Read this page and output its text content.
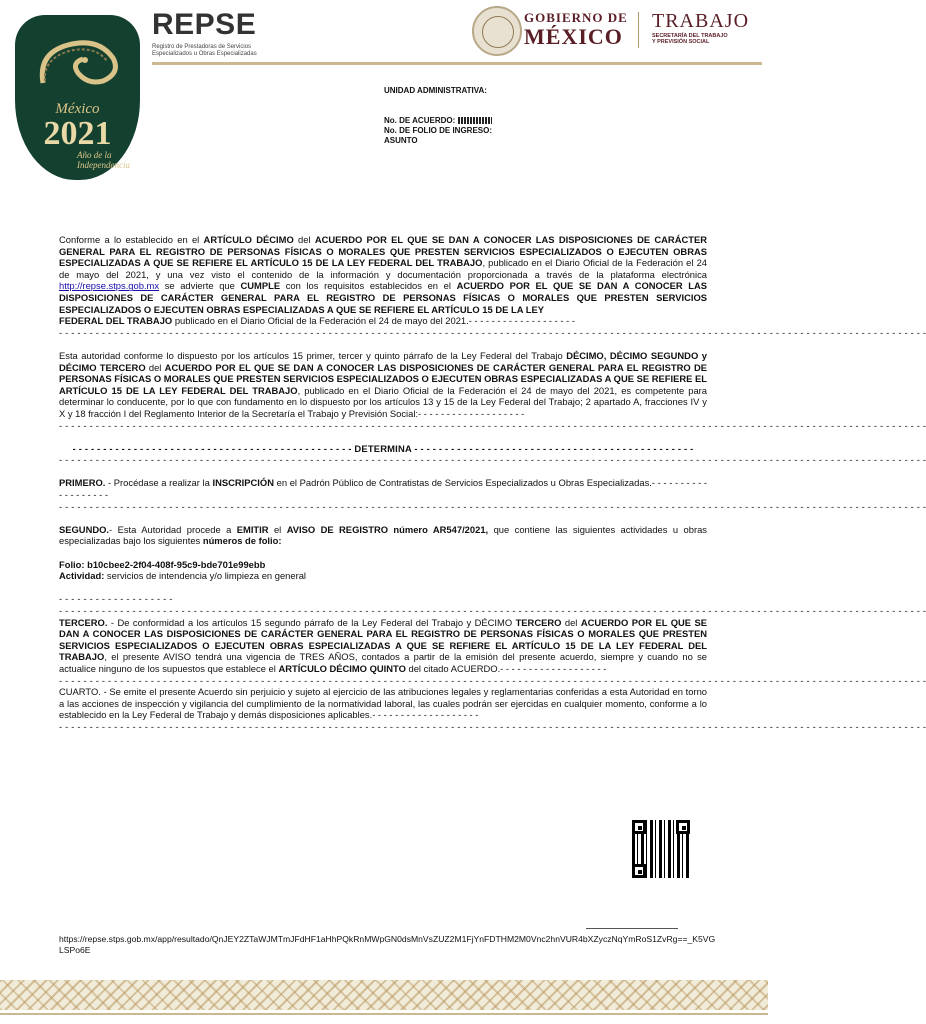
México
2021
Año de la
Independencia
REPSE
Registro de Prestadoras de Servicios
Especializados u Obras Especializadas
GOBIERNO DE
MÉXICO
TRABAJO
SECRETARÍA DEL TRABAJO
Y PREVISIÓN SOCIAL
UNIDAD ADMINISTRATIVA:
No. DE ACUERDO:
No. DE FOLIO DE INGRESO:
ASUNTO

Conforme a lo establecido en el ARTÍCULO DÉCIMO del ACUERDO POR EL QUE SE DAN A CONOCER LAS DISPOSICIONES DE CARÁCTER GENERAL PARA EL REGISTRO DE PERSONAS FÍSICAS O MORALES QUE PRESTEN SERVICIOS ESPECIALIZADOS O EJECUTEN OBRAS ESPECIALIZADAS A QUE SE REFIERE EL ARTÍCULO 15 DE LA LEY FEDERAL DEL TRABAJO, publicado en el Diario Oficial de la Federación el 24 de mayo del 2021, y una vez visto el contenido de la información y documentación proporcionada a través de la plataforma electrónica http://repse.stps.gob.mx se advierte que CUMPLE con los requisitos establecidos en el ACUERDO POR EL QUE SE DAN A CONOCER LAS DISPOSICIONES DE CARÁCTER GENERAL PARA EL REGISTRO DE PERSONAS FÍSICAS O MORALES QUE PRESTEN SERVICIOS ESPECIALIZADOS O EJECUTEN OBRAS ESPECIALIZADAS A QUE SE REFIERE EL ARTÍCULO 15 DE LA LEY

FEDERAL DEL TRABAJO publicado en el Diario Oficial de la Federación el 24 de mayo del 2021.- - - - - - - - - - - - - - - - - - -

- - - - - - - - - - - - - - - - - - - - - - - - - - - - - - - - - - - - - - - - - - - - - - - - - - - - - - - - - - - - - - - - - - - - - - - - - - - - - - - - - - - - - - - - - - - - - - - - - - - - - - - - - - - - - - - - - - - - - - - - - - - - - - - - - - - - - - - - - - - - - -

Esta autoridad conforme lo dispuesto por los artículos 15 primer, tercer y quinto párrafo de la Ley Federal del Trabajo DÉCIMO, DÉCIMO SEGUNDO y DÉCIMO TERCERO del ACUERDO POR EL QUE SE DAN A CONOCER LAS DISPOSICIONES DE CARÁCTER GENERAL PARA EL REGISTRO DE PERSONAS FÍSICAS O MORALES QUE PRESTEN SERVICIOS ESPECIALIZADOS O EJECUTEN OBRAS ESPECIALIZADAS A QUE SE REFIERE EL ARTÍCULO 15 DE LA LEY FEDERAL DEL TRABAJO, publicado en el Diario Oficial de la Federación el 24 de mayo del 2021, es competente para determinar lo conducente, por lo que con fundamento en lo dispuesto por los artículos 13 y 15 de la Ley Federal del Trabajo; 2 apartado A, fracciones IV y X y 18 fracción I del Reglamento Interior de la Secretaría el Trabajo y Previsión Social:- - - - - - - - - - - - - - - - - - -

- - - - - - - - - - - - - - - - - - - - - - - - - - - - - - - - - - - - - - - - - - - - - - - - - - - - - - - - - - - - - - - - - - - - - - - - - - - - - - - - - - - - - - - - - - - - - - - - - - - - - - - - - - - - - - - - - - - - - - - - - - - - - - - - - - - - - - - - - - - - - -
- - - - - - - - - - - - - - - - - - - - - - - - - - - - - - - - - - - - - - - - - - - - - - DETERMINA - - - - - - - - - - - - - - - - - - - - - - - - - - - - - - - - - - - - - - - - - - - - - -
- - - - - - - - - - - - - - - - - - - - - - - - - - - - - - - - - - - - - - - - - - - - - - - - - - - - - - - - - - - - - - - - - - - - - - - - - - - - - - - - - - - - - - - - - - - - - - - - - - - - - - - - - - - - - - - - - - - - - - - - - - - - - - - - - - - - - - - - - - - - - -

PRIMERO. - Procédase a realizar la INSCRIPCIÓN en el Padrón Público de Contratistas de Servicios Especializados u Obras Especializadas.- - - - - - - - - - - - - - - - - - -

- - - - - - - - - - - - - - - - - - - - - - - - - - - - - - - - - - - - - - - - - - - - - - - - - - - - - - - - - - - - - - - - - - - - - - - - - - - - - - - - - - - - - - - - - - - - - - - - - - - - - - - - - - - - - - - - - - - - - - - - - - - - - - - - - - - - - - - - - - - - - -

SEGUNDO.- Esta Autoridad procede a EMITIR el AVISO DE REGISTRO número AR547/2021, que contiene las siguientes actividades u obras especializadas bajo los siguientes números de folio:

Folio: b10cbee2-2f04-408f-95c9-bde701e99ebb

Actividad: servicios de intendencia y/o limpieza en general

- - - - - - - - - - - - - - - - - - -
- - - - - - - - - - - - - - - - - - - - - - - - - - - - - - - - - - - - - - - - - - - - - - - - - - - - - - - - - - - - - - - - - - - - - - - - - - - - - - - - - - - - - - - - - - - - - - - - - - - - - - - - - - - - - - - - - - - - - - - - - - - - - - - - - - - - - - - - - - - - - -

TERCERO. - De conformidad a los artículos 15 segundo párrafo de la Ley Federal del Trabajo y DÉCIMO TERCERO del ACUERDO POR EL QUE SE DAN A CONOCER LAS DISPOSICIONES DE CARÁCTER GENERAL PARA EL REGISTRO DE PERSONAS FÍSICAS O MORALES QUE PRESTEN SERVICIOS ESPECIALIZADOS O EJECUTEN OBRAS ESPECIALIZADAS A QUE SE REFIERE EL ARTÍCULO 15 DE LA LEY FEDERAL DEL TRABAJO, el presente AVISO tendrá una vigencia de TRES AÑOS, contados a partir de la emisión del presente acuerdo, siempre y cuando no se actualice ninguno de los supuestos que establece el ARTÍCULO DÉCIMO QUINTO del citado ACUERDO.- - - - - - - - - - - - - - - - - - -

- - - - - - - - - - - - - - - - - - - - - - - - - - - - - - - - - - - - - - - - - - - - - - - - - - - - - - - - - - - - - - - - - - - - - - - - - - - - - - - - - - - - - - - - - - - - - - - - - - - - - - - - - - - - - - - - - - - - - - - - - - - - - - - - - - - - - - - - - - - - - -

CUARTO. - Se emite el presente Acuerdo sin perjuicio y sujeto al ejercicio de las atribuciones legales y reglamentarias conferidas a esta Autoridad en torno a las acciones de inspección y vigilancia del cumplimiento de la normatividad laboral, las cuales podrán ser ejercidas en cualquier momento, conforme a lo establecido en la Ley Federal de Trabajo y demás disposiciones aplicables.- - - - - - - - - - - - - - - - - - -

- - - - - - - - - - - - - - - - - - - - - - - - - - - - - - - - - - - - - - - - - - - - - - - - - - - - - - - - - - - - - - - - - - - - - - - - - - - - - - - - - - - - - - - - - - - - - - - - - - - - - - - - - - - - - - - - - - - - - - - - - - - - - - - - - - - - - - - - - - - - - -
https://repse.stps.gob.mx/app/resultado/QnJEY2ZTaWJMTmJFdHF1aHhPQkRnMWpGN0dsMnVsZUZ2M1FjYnFDTHM2M0Vnc2hnVUR4bXZyczNqYmRoS1ZvRg==_K5VGLSPo6E
